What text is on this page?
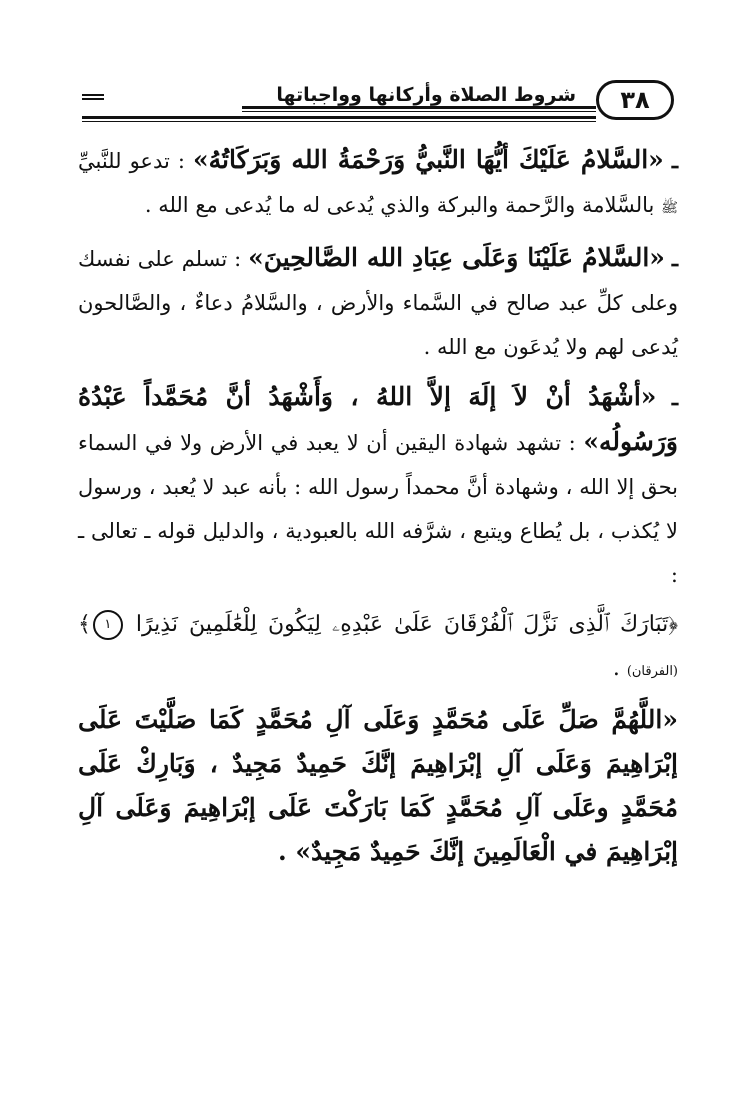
٣٨
شروط الصلاة وأركانها وواجباتها

ـ «السَّلامُ عَلَيْكَ أيُّهَا النَّبيُّ وَرَحْمَةُ الله وَبَرَكَاتُهُ» : تدعو للنَّبيِّ ﷺ بالسَّلامة والرَّحمة والبركة والذي يُدعى له ما يُدعى مع الله .

ـ «السَّلامُ عَلَيْنَا وَعَلَى عِبَادِ الله الصَّالحِينَ» : تسلم على نفسك وعلى كلِّ عبد صالح في السَّماء والأرض ، والسَّلامُ دعاءٌ ، والصَّالحون يُدعى لهم ولا يُدعَون مع الله .

ـ «أشْهَدُ أنْ لاَ إلَهَ إلاَّ اللهُ ، وَأَشْهَدُ أنَّ مُحَمَّداً عَبْدُهُ وَرَسُولُه» : تشهد شهادة اليقين أن لا يعبد في الأرض ولا في السماء بحق إلا الله ، وشهادة أنَّ محمداً رسول الله : بأنه عبد لا يُعبد ، ورسول لا يُكذب ، بل يُطاع ويتبع ، شرَّفه الله بالعبودية ، والدليل قوله ـ تعالى ـ :

﴿تَبَارَكَ ٱلَّذِى نَزَّلَ ٱلْفُرْقَانَ عَلَىٰ عَبْدِهِۦ لِيَكُونَ لِلْعَٰلَمِينَ نَذِيرًا ١﴾ (الفرقان) .

«اللَّهُمَّ صَلِّ عَلَى مُحَمَّدٍ وَعَلَى آلِ مُحَمَّدٍ كَمَا صَلَّيْتَ عَلَى إبْرَاهِيمَ وَعَلَى آلِ إبْرَاهِيمَ إنَّكَ حَمِيدٌ مَجِيدٌ ، وَبَارِكْ عَلَى مُحَمَّدٍ وعَلَى آلِ مُحَمَّدٍ كَمَا بَارَكْتَ عَلَى إبْرَاهِيمَ وَعَلَى آلِ إبْرَاهِيمَ في الْعَالَمِينَ إنَّكَ حَمِيدٌ مَجِيدٌ» .
